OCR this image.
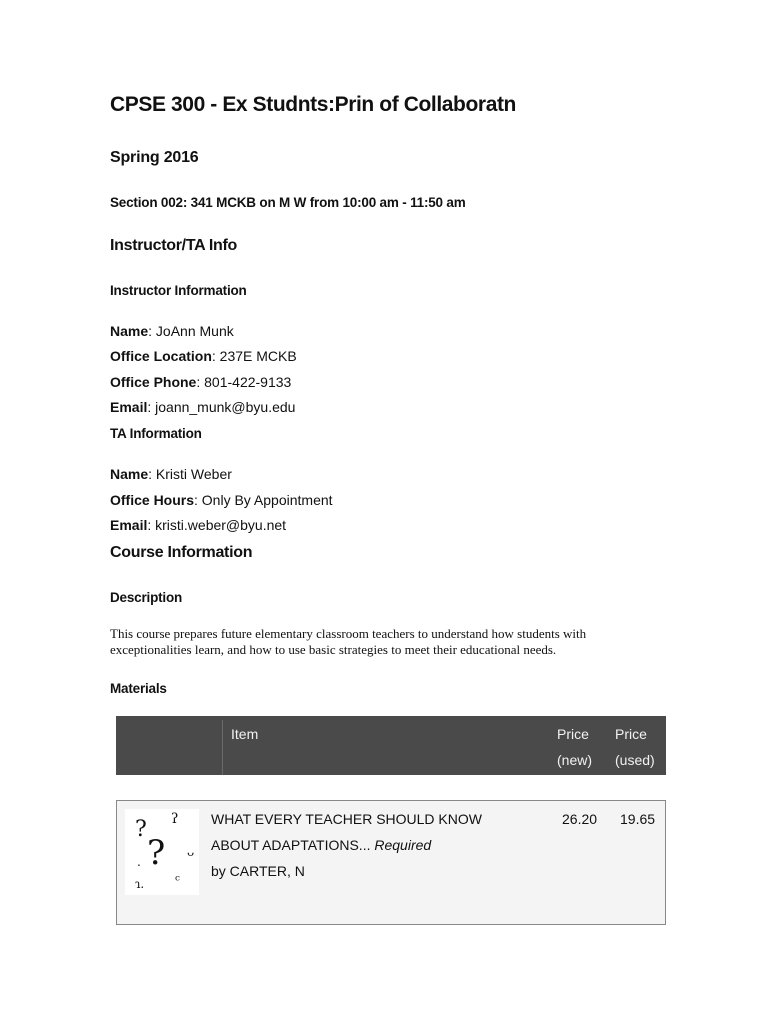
CPSE 300 - Ex Studnts:Prin of Collaboratn
Spring 2016
Section 002: 341 MCKB on M W from 10:00 am - 11:50 am
Instructor/TA Info
Instructor Information
Name: JoAnn Munk
Office Location: 237E MCKB
Office Phone: 801-422-9133
Email: joann_munk@byu.edu
TA Information
Name: Kristi Weber
Office Hours: Only By Appointment
Email: kristi.weber@byu.net
Course Information
Description
This course prepares future elementary classroom teachers to understand how students with exceptionalities learn, and how to use basic strategies to meet their educational needs.
Materials
Item	Price
(new)
Price
(used)
? ʔ
?
.
ᴗ
ɿ. ᶜ
WHAT EVERY TEACHER SHOULD KNOW
ABOUT ADAPTATIONS... Required
by CARTER, N
26.20 19.65
